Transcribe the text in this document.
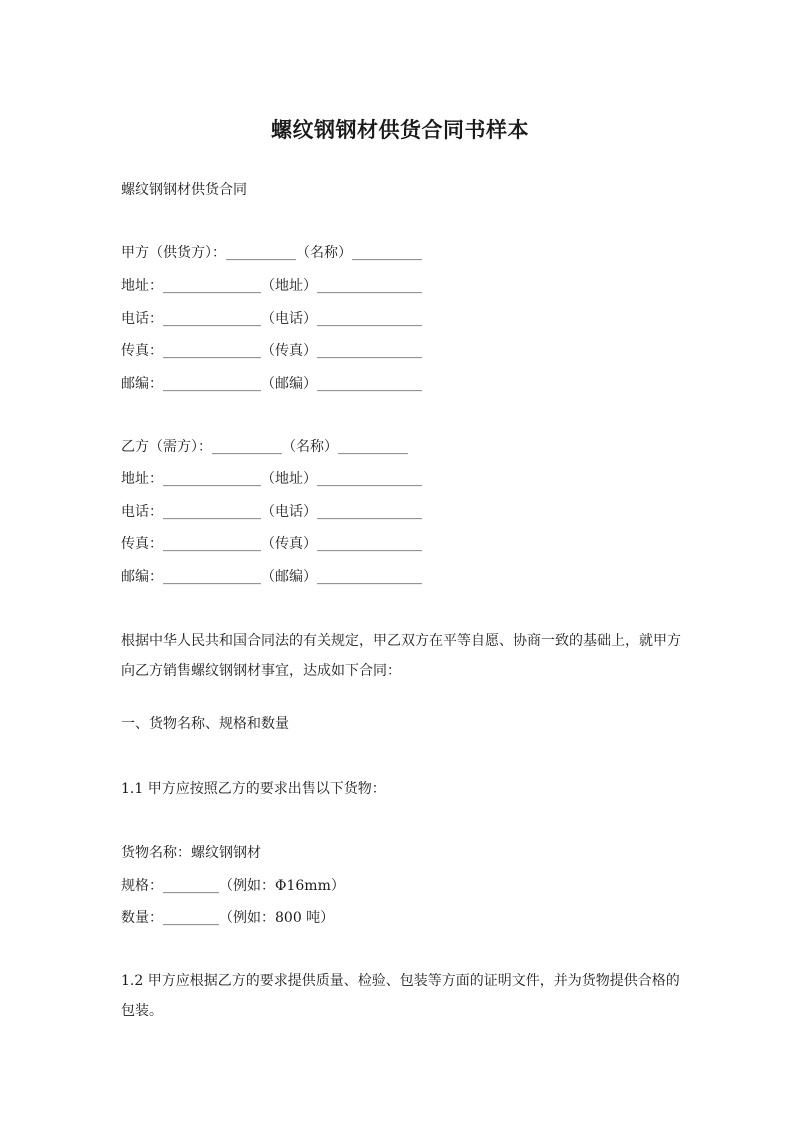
螺纹钢钢材供货合同书样本
螺纹钢钢材供货合同
甲方（供货方）：__________（名称）__________
地址：______________（地址）_______________
电话：______________（电话）_______________
传真：______________（传真）_______________
邮编：______________（邮编）_______________
乙方（需方）：__________（名称）__________
地址：______________（地址）_______________
电话：______________（电话）_______________
传真：______________（传真）_______________
邮编：______________（邮编）_______________
根据中华人民共和国合同法的有关规定，甲乙双方在平等自愿、协商一致的基础上，就甲方向乙方销售螺纹钢钢材事宜，达成如下合同：
一、货物名称、规格和数量
1.1 甲方应按照乙方的要求出售以下货物：
货物名称：螺纹钢钢材
规格：________（例如：Φ16mm）
数量：________（例如：800 吨）
1.2 甲方应根据乙方的要求提供质量、检验、包装等方面的证明文件，并为货物提供合格的包装。
